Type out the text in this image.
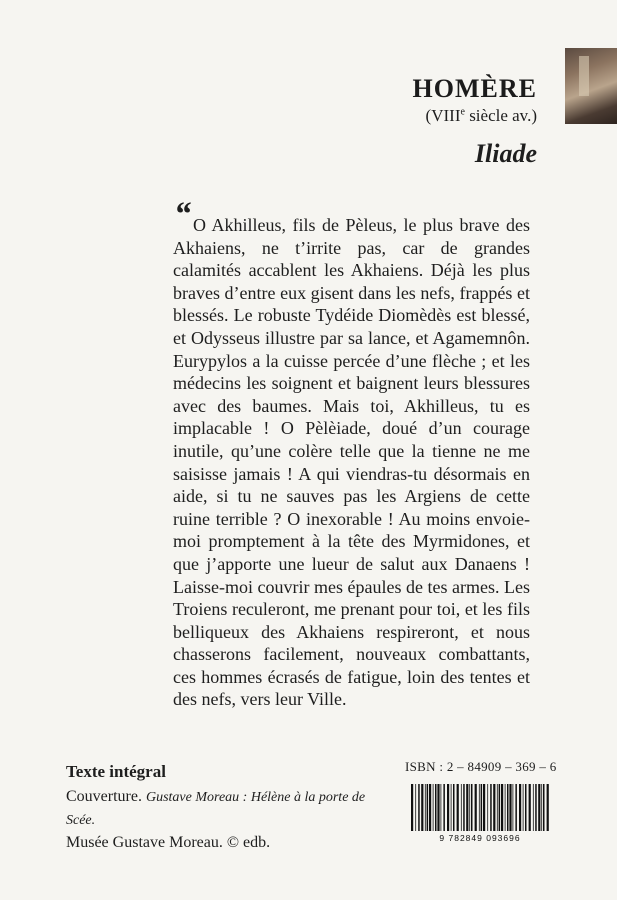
HOMÈRE
(VIIIe siècle av.)
Iliade
“ O Akhilleus, fils de Pèleus, le plus brave des Akhaiens, ne t’irrite pas, car de grandes calamités accablent les Akhaiens. Déjà les plus braves d’entre eux gisent dans les nefs, frappés et blessés. Le robuste Tydéide Diomèdès est blessé, et Odysseus illustre par sa lance, et Agamemnôn. Eurypylos a la cuisse percée d’une flèche ; et les médecins les soignent et baignent leurs blessures avec des baumes. Mais toi, Akhilleus, tu es implacable ! O Pèlèiade, doué d’un courage inutile, qu’une colère telle que la tienne ne me saisisse jamais ! A qui viendras-tu désormais en aide, si tu ne sauves pas les Argiens de cette ruine terrible ? O inexorable ! Au moins envoie-moi promptement à la tête des Myrmidones, et que j’apporte une lueur de salut aux Danaens ! Laisse-moi couvrir mes épaules de tes armes. Les Troiens reculeront, me prenant pour toi, et les fils belliqueux des Akhaiens respireront, et nous chasserons facilement, nouveaux combattants, ces hommes écrasés de fatigue, loin des tentes et des nefs, vers leur Ville.

Texte intégral
Couverture. Gustave Moreau : Hélène à la porte de Scée.
Musée Gustave Moreau. © edb.
ISBN : 2 – 84909 – 369 – 6
9 782849 093696
